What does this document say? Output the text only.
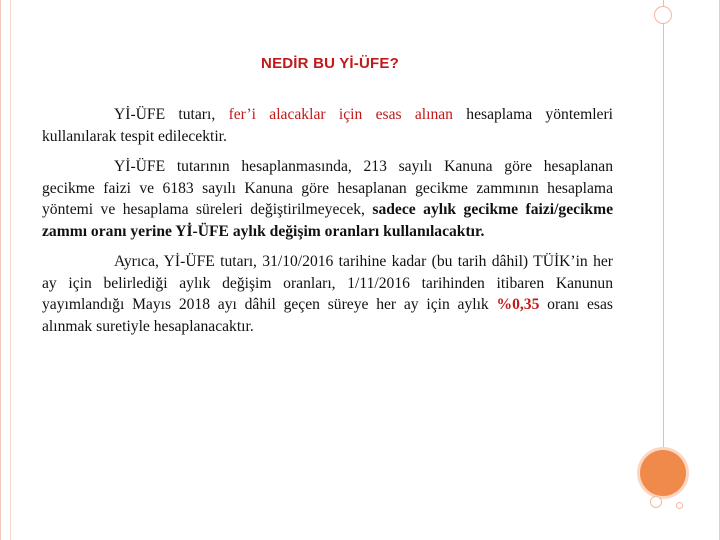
NEDİR BU Yİ-ÜFE?

Yİ-ÜFE tutarı, fer’i alacaklar için esas alınan hesaplama yöntemleri kullanılarak tespit edilecektir.

Yİ-ÜFE tutarının hesaplanmasında, 213 sayılı Kanuna göre hesaplanan gecikme faizi ve 6183 sayılı Kanuna göre hesaplanan gecikme zammının hesaplama yöntemi ve hesaplama süreleri değiştirilmeyecek, sadece aylık gecikme faizi/gecikme zammı oranı yerine Yİ-ÜFE aylık değişim oranları kullanılacaktır.

Ayrıca, Yİ-ÜFE tutarı, 31/10/2016 tarihine kadar (bu tarih dâhil) TÜİK’in her ay için belirlediği aylık değişim oranları, 1/11/2016 tarihinden itibaren Kanunun yayımlandığı Mayıs 2018 ayı dâhil geçen süreye her ay için aylık %0,35 oranı esas alınmak suretiyle hesaplanacaktır.
